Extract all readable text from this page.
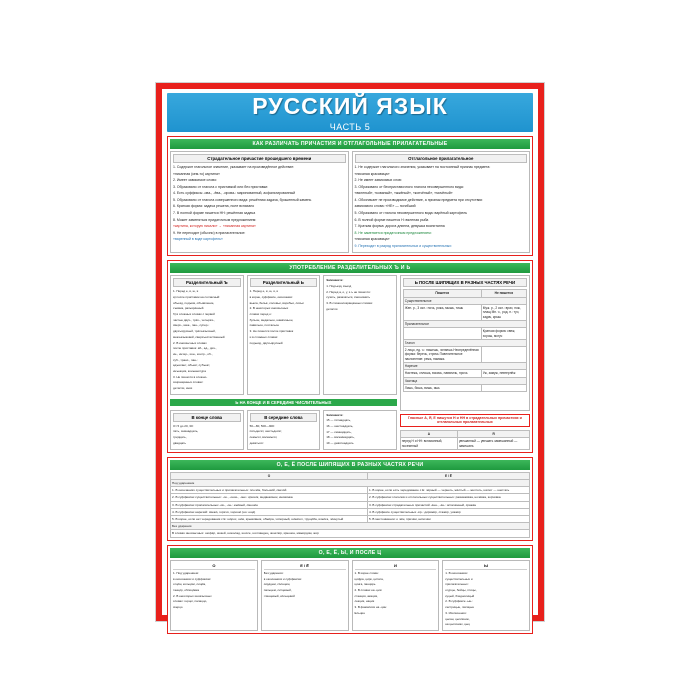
РУССКИЙ ЯЗЫК
ЧАСТЬ 5
КАК РАЗЛИЧАТЬ ПРИЧАСТИЯ И ОТГЛАГОЛЬНЫЕ ПРИЛАГАТЕЛЬНЫЕ
Страдательное причастие прошедшего времени

1. Содержит глагольное значение, указывает на произведённое действие:

«писанная (кем-то) картина»

2. Имеет зависимое слово:

3. Образовано от глагола с приставкой или без приставки:

4. Есть суффиксы -ова-, -ёва-, -ирова-: маринованный, асфальтированный

5. Образовано от глагола совершенного вида: решённая задача, брошенный камень

6. Краткая форма: задача решена, поле вспахано

7. В полной форме пишется НН: решённая задача

8. Может заменяться придаточным предложением:

«картина, которую писали» → «писанная картина»

9. Не переходит (обычно) в прилагательное:

«варенный в воде картофель»

Отглагольное прилагательное

1. Не содержит глагольного значения, указывает на постоянный признак предмета:

«писаная красавица»

2. Не имеет зависимых слов:

3. Образовано от бесприставочного глагола несовершенного вида:

«вяленый», «кованый», «жжёный», «копчёный», «мочёный»

4. Обозначает не производимое действие, а признак предмета при отсутствии

зависимого слова: «НЕ» — погибший

5. Образовано от глагола несовершенного вида: варёный картофель

6. В полной форме пишется Н: вяленая рыба

7. Краткая форма: дорога длинна, девушка воспитанна

8. Не заменяется придаточным предложением:

«писаная красавица»

9. Переходит в разряд прилагательных и существительных:

УПОТРЕБЛЕНИЕ РАЗДЕЛИТЕЛЬНЫХ Ъ И Ь
Разделительный Ъ

1. Перед е, ё, ю, я

а) после приставок на согласный:

объезд, подъём, объявление,

съёмка, разъярённый

б) в сложных словах с первой

частью двух-, трёх-, четырёх-,

сверх-, меж-, пан-, супер-:

двухъярусный, трёхъязычный,

межъязыковой, сверхъестественный

2. В иноязычных словах

после приставок: аб-, ад-, диз-,

ин-, интер-, кон-, контр-, об-,

суб-, транс-, пан-:

адъютант, объект, субъект,

инъекция, конъюнктура

3. Не пишется в сложно-

сокращённых словах:

детясли, иняз

Разделительный Ь

1. Перед е, ё, ю, я, и

в корне, суффиксе, окончании:

вьюга, бельё, соловьи, воробьи, лисьи

2. В некоторых иноязычных

словах перед о:

бульон, медальон, шампиньон,

павильон, почтальон

3. Не пишется после приставок

и в сложных словах:

подъезд, двухъярусный

Запомните:

1. Подъезд, въезд

2. Перед а, о, у, э ъ не пишется:

сузить, разахаться, сэкономить

3. В сложносокращённых словах:

детясли

Ь НА КОНЦЕ И В СЕРЕДИНЕ ЧИСЛИТЕЛЬНЫХ
В конце слова

От 5 до 20, 30:

пять, семнадцать,

тридцать,

двадцать

В середине слова

50—80, 500—900:

пятьдесят, шестьдесят,

семьсот, восемьсот,

девятьсот

Запомните:

15 — пятнадцать,

16 — шестнадцать,

17 — семнадцать,

18 — восемнадцать,

19 — девятнадцать

Ь ПОСЛЕ ШИПЯЩИХ В РАЗНЫХ ЧАСТЯХ РЕЧИ
Пишется	Не пишется
Существительное	
Жен. р., 3 скл.: ночь, рожь, мышь, тишь	Муж. р., 2 скл.: врач, нож, плащ Мн. ч., род. п.: туч, задач, крыш
Прилагательное	
	Краткая форма: свеж, хорош, могуч
Глагол	
2 лицо, ед. ч.: пишешь, читаешь Неопределённая форма: беречь, стричь Повелительное наклонение: режь, намажь	
Наречие	
Настежь, сплошь, вскачь, навзничь, прочь	Уж, замуж, невтерпёж
Частица	
Лишь, бишь, вишь, ишь	
Гласные А, Я, Е пишутся Н и НН в страдательных причастиях и отглагольных прилагательных
А	Я
перед Н и НН: вспаханный, посеянный	увешанный — увешать замешанный — замешать
О, Е, Ё ПОСЛЕ ШИПЯЩИХ В РАЗНЫХ ЧАСТЯХ РЕЧИ
О	Е / Ё
Под ударением	
1. В окончаниях существительных и прилагательных: плечо́м, большо́й, свечо́й	1. В корне, если есть чередование с Е: чёрный — чернеть, жёлтый — желтеть, шёпот — шептать
2. В суффиксах существительных: -ок-, -онок-, -онк-: крючо́к, медвежо́нок, книжо́нка	2. В суффиксах глаголов и отглагольных существительных: размежёвка, ночёвка, корчёвка
3. В суффиксах прилагательных -ов-, -он-: ежо́вый, смешо́н	3. В суффиксах страдательных причастий -ённ-, -ён-: испечённый, сражён
4. В суффиксах наречий: свежо́, горячо́, хорошо́ (но: ещё)	4. В суффиксе существительных -ёр-: дирижёр, стажёр, ухажёр
5. В корне, если нет чередования с Е: шо́рох, шо́в, крыжо́вник, обжо́ра, чо́порный, шо́мпол, трущо́ба, изжо́га, чо́кнутый	5. В местоимении: о чём, причём, нипочём
Без ударения	
В словах иноязычных: шофёр, жокей, шоколад, шоссе, шотландец, жонглёр, крюшон, мажордом, жор	
О, Е, Ё, Ы, И ПОСЛЕ Ц
О

1. Под ударением:

в окончаниях и суффиксах:

отцо́м, кольцо́м, лицо́м,

танцо́р, облицо́вка

2. В некоторых иноязычных

словах: герцог, палаццо,

скерцо

Е / Ё

Без ударения:

в окончаниях и суффиксах:

се́рдцем, со́лнцем,

пальцем, ситцевый,

глянцевый, ко́льцевой

И

1. В корне слова:

цифра, цирк, цитата,

цинга, панцирь

2. В словах на -ция:

станция, акация,

лекция, нация

3. В фамилиях на -цин:

Ельцин

Ы

1. В окончаниях

существительных и

прилагательных:

огурцы, бойцы, птицы,

куцый, бледнолицый

2. В суффиксе -ын-:

сестрицын, лисицын

3. Исключения:

цыган, цыплёнок,

на цыпочках, цыц
